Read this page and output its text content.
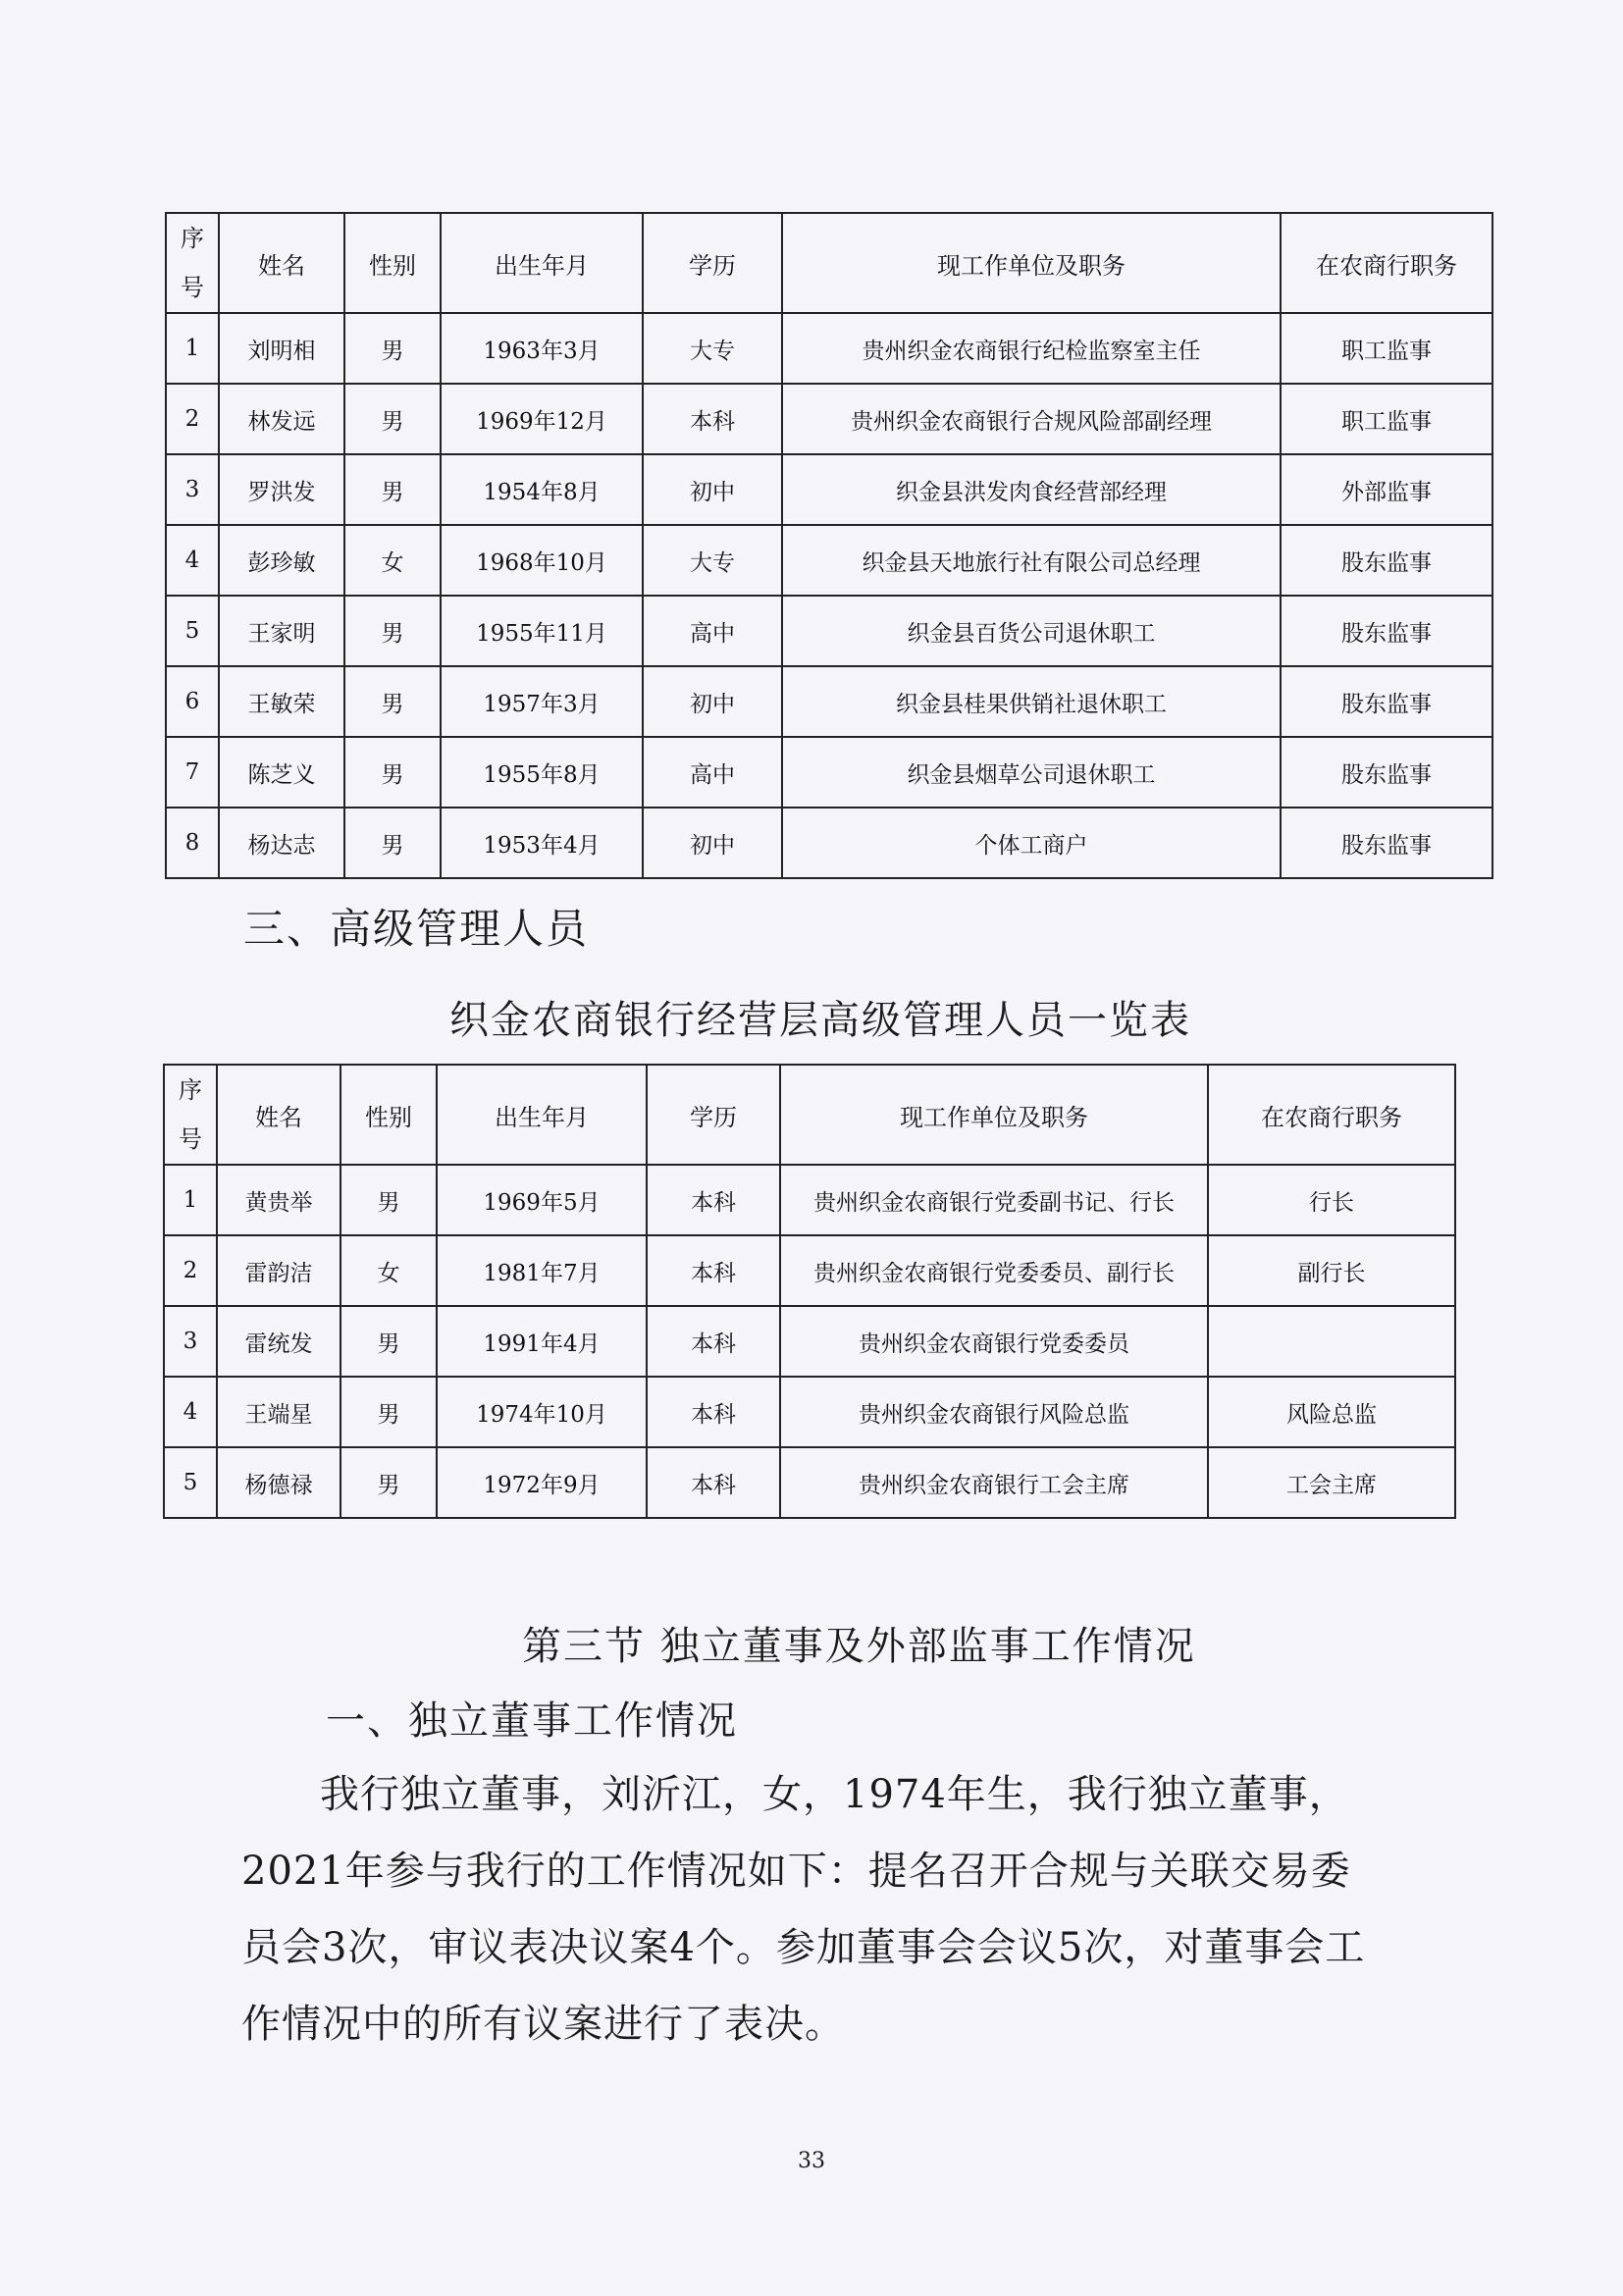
序号	姓名	性别	出生年月	学历	现工作单位及职务	在农商行职务
1	刘明相	男	1963年3月	大专	贵州织金农商银行纪检监察室主任	职工监事
2	林发远	男	1969年12月	本科	贵州织金农商银行合规风险部副经理	职工监事
3	罗洪发	男	1954年8月	初中	织金县洪发肉食经营部经理	外部监事
4	彭珍敏	女	1968年10月	大专	织金县天地旅行社有限公司总经理	股东监事
5	王家明	男	1955年11月	高中	织金县百货公司退休职工	股东监事
6	王敏荣	男	1957年3月	初中	织金县桂果供销社退休职工	股东监事
7	陈芝义	男	1955年8月	高中	织金县烟草公司退休职工	股东监事
8	杨达志	男	1953年4月	初中	个体工商户	股东监事
三、高级管理人员
织金农商银行经营层高级管理人员一览表
序号	姓名	性别	出生年月	学历	现工作单位及职务	在农商行职务
1	黄贵举	男	1969年5月	本科	贵州织金农商银行党委副书记、行长	行长
2	雷韵洁	女	1981年7月	本科	贵州织金农商银行党委委员、副行长	副行长
3	雷统发	男	1991年4月	本科	贵州织金农商银行党委委员	
4	王端星	男	1974年10月	本科	贵州织金农商银行风险总监	风险总监
5	杨德禄	男	1972年9月	本科	贵州织金农商银行工会主席	工会主席
第三节 独立董事及外部监事工作情况
一、独立董事工作情况
我行独立董事，刘沂江，女，1974年生，我行独立董事，2021年参与我行的工作情况如下：提名召开合规与关联交易委员会3次，审议表决议案4个。参加董事会会议5次，对董事会工作情况中的所有议案进行了表决。
33
